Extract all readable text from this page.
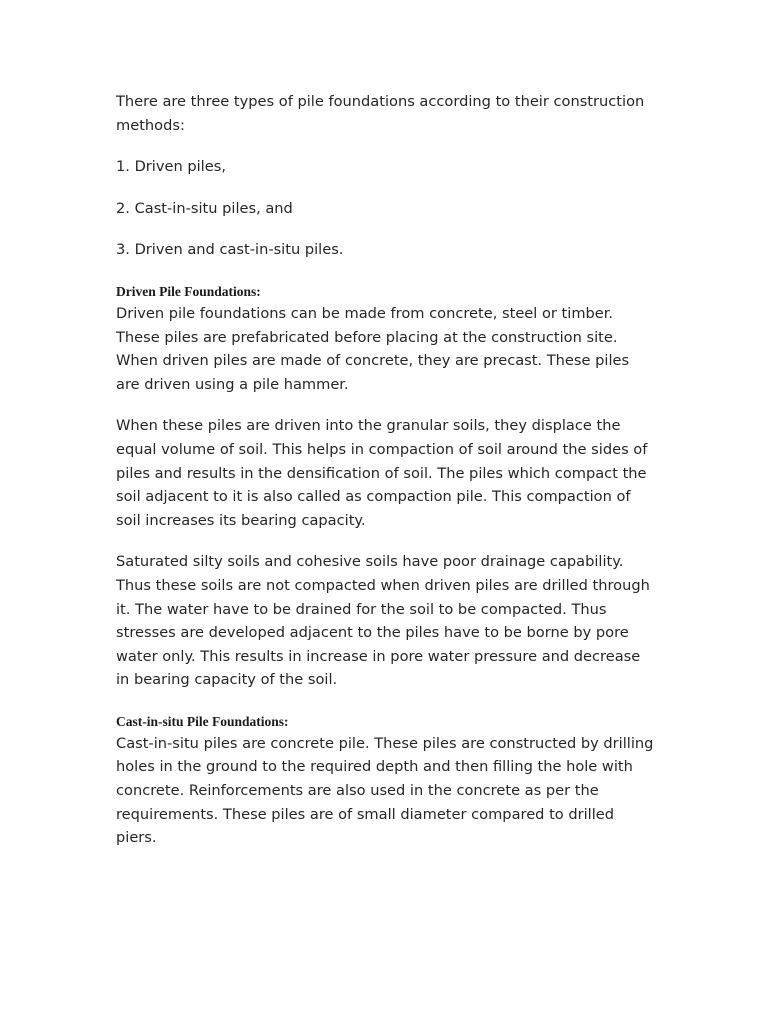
There are three types of pile foundations according to their construction methods:

1. Driven piles,

2. Cast-in-situ piles, and

3. Driven and cast-in-situ piles.

Driven Pile Foundations:

Driven pile foundations can be made from concrete, steel or timber. These piles are prefabricated before placing at the construction site. When driven piles are made of concrete, they are precast. These piles are driven using a pile hammer.

When these piles are driven into the granular soils, they displace the equal volume of soil. This helps in compaction of soil around the sides of piles and results in the densification of soil. The piles which compact the soil adjacent to it is also called as compaction pile. This compaction of soil increases its bearing capacity.

Saturated silty soils and cohesive soils have poor drainage capability. Thus these soils are not compacted when driven piles are drilled through it. The water have to be drained for the soil to be compacted. Thus stresses are developed adjacent to the piles have to be borne by pore water only. This results in increase in pore water pressure and decrease in bearing capacity of the soil.

Cast-in-situ Pile Foundations:

Cast-in-situ piles are concrete pile. These piles are constructed by drilling holes in the ground to the required depth and then filling the hole with concrete. Reinforcements are also used in the concrete as per the requirements. These piles are of small diameter compared to drilled piers.
